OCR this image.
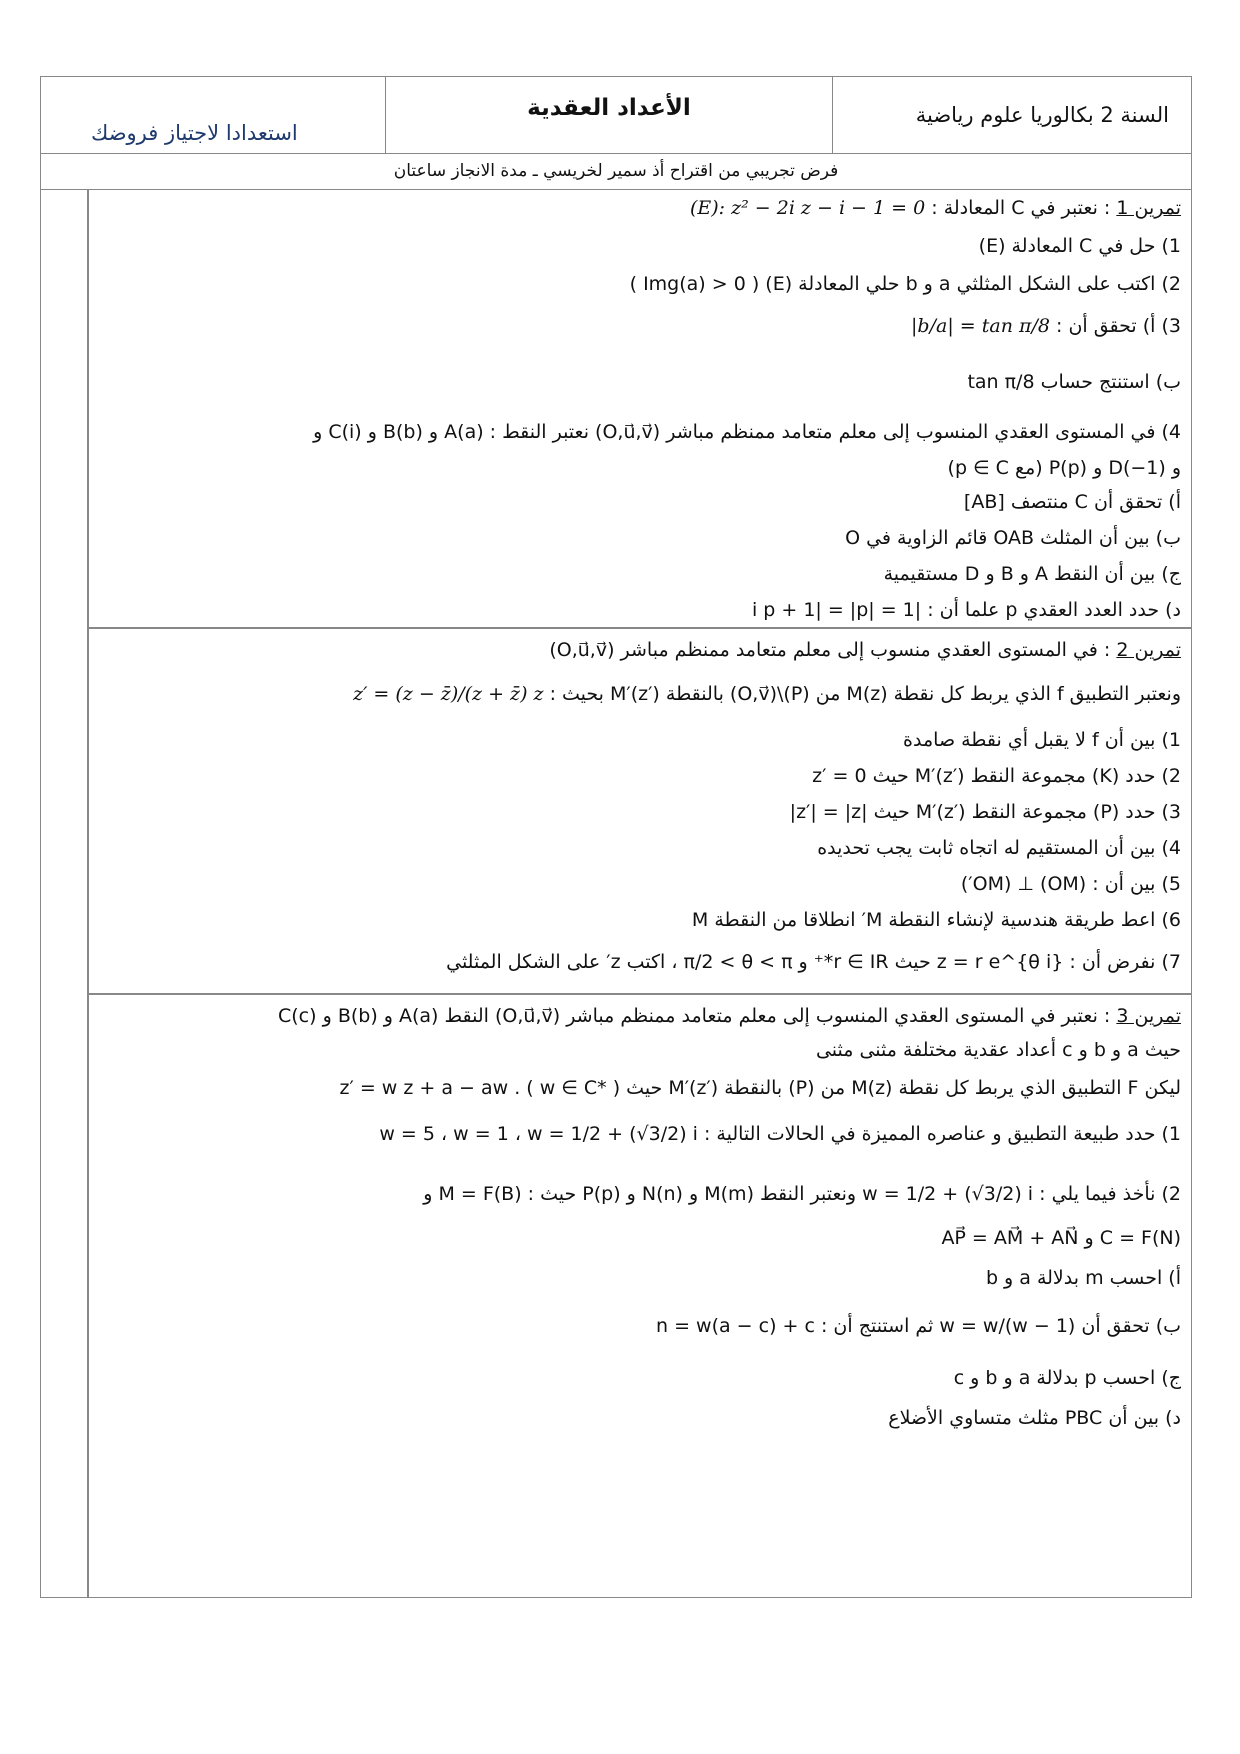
استعدادا لاجتياز فروضك
الأعداد العقدية	السنة 2 بكالوريا علوم رياضية
فرض تجريبي من اقتراح أذ سمير لخريسي ـ مدة الانجاز ساعتان
تمرين 1 : نعتبر في C المعادلة : (E): z² − 2i z − i − 1 = 0
1) حل في C المعادلة (E)
2) اكتب على الشكل المثلثي a و b حلي المعادلة (E) ( Img(a) > 0 )
3) أ) تحقق أن : |b/a| = tan π/8
ب) استنتج حساب tan π/8
4) في المستوى العقدي المنسوب إلى معلم متعامد ممنظم مباشر (O,u⃗,v⃗) نعتبر النقط : A(a) و B(b) و C(i) و
و D(−1) و P(p) (مع p ∈ C)
أ) تحقق أن C منتصف [AB]
ب) بين أن المثلث OAB قائم الزاوية في O
ج) بين أن النقط A و B و D مستقيمية
د) حدد العدد العقدي p علما أن : |i p + 1| = |p| = 1
تمرين 2 : في المستوى العقدي منسوب إلى معلم متعامد ممنظم مباشر (O,u⃗,v⃗)
ونعتبر التطبيق f الذي يربط كل نقطة M(z) من (P)\(O,v⃗) بالنقطة M′(z′) بحيث : z′ = (z − z̄)/(z + z̄) z
1) بين أن f لا يقبل أي نقطة صامدة
2) حدد (K) مجموعة النقط M′(z′) حيث z′ = 0
3) حدد (P) مجموعة النقط M′(z′) حيث |z′| = |z|
4) بين أن المستقيم له اتجاه ثابت يجب تحديده
5) بين أن : (OM) ⊥ (OM′)
6) اعط طريقة هندسية لإنشاء النقطة M′ انطلاقا من النقطة M
7) نفرض أن : z = r e^{θ i} حيث r ∈ IR*⁺ و π/2 < θ < π ، اكتب z′ على الشكل المثلثي
تمرين 3 : نعتبر في المستوى العقدي المنسوب إلى معلم متعامد ممنظم مباشر (O,u⃗,v⃗) النقط A(a) و B(b) و C(c)
حيث a و b و c أعداد عقدية مختلفة مثنى مثنى
ليكن F التطبيق الذي يربط كل نقطة M(z) من (P) بالنقطة M′(z′) حيث z′ = w z + a − aw . ( w ∈ C* )
1) حدد طبيعة التطبيق و عناصره المميزة في الحالات التالية : w = 5 ، w = 1 ، w = 1/2 + (√3/2) i
2) نأخذ فيما يلي : w = 1/2 + (√3/2) i ونعتبر النقط M(m) و N(n) و P(p) حيث : M = F(B) و
C = F(N) و AP⃗ = AM⃗ + AN⃗
أ) احسب m بدلالة a و b
ب) تحقق أن (w − 1)/w = w ثم استنتج أن : n = w(a − c) + c
ج) احسب p بدلالة a و b و c
د) بين أن PBC مثلث متساوي الأضلاع
